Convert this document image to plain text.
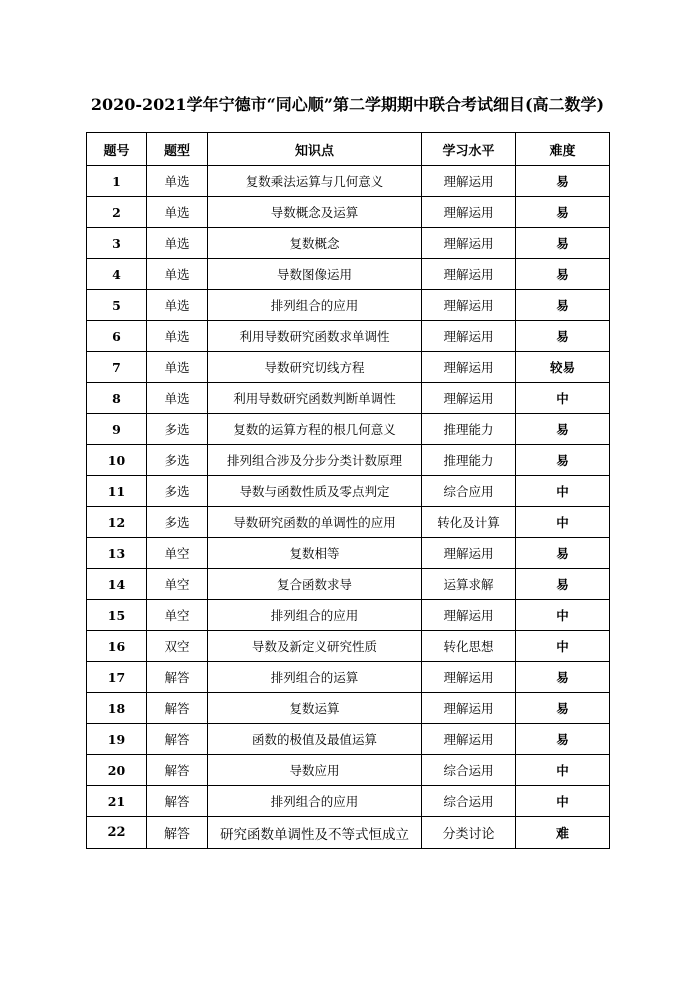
2020-2021学年宁德市“同心顺”第二学期期中联合考试细目(高二数学)
题号	题型	知识点	学习水平	难度
1	单选	复数乘法运算与几何意义	理解运用	易
2	单选	导数概念及运算	理解运用	易
3	单选	复数概念	理解运用	易
4	单选	导数图像运用	理解运用	易
5	单选	排列组合的应用	理解运用	易
6	单选	利用导数研究函数求单调性	理解运用	易
7	单选	导数研究切线方程	理解运用	较易
8	单选	利用导数研究函数判断单调性	理解运用	中
9	多选	复数的运算方程的根几何意义	推理能力	易
10	多选	排列组合涉及分步分类计数原理	推理能力	易
11	多选	导数与函数性质及零点判定	综合应用	中
12	多选	导数研究函数的单调性的应用	转化及计算	中
13	单空	复数相等	理解运用	易
14	单空	复合函数求导	运算求解	易
15	单空	排列组合的应用	理解运用	中
16	双空	导数及新定义研究性质	转化思想	中
17	解答	排列组合的运算	理解运用	易
18	解答	复数运算	理解运用	易
19	解答	函数的极值及最值运算	理解运用	易
20	解答	导数应用	综合运用	中
21	解答	排列组合的应用	综合运用	中
22	解答	研究函数单调性及不等式恒成立	分类讨论	难
